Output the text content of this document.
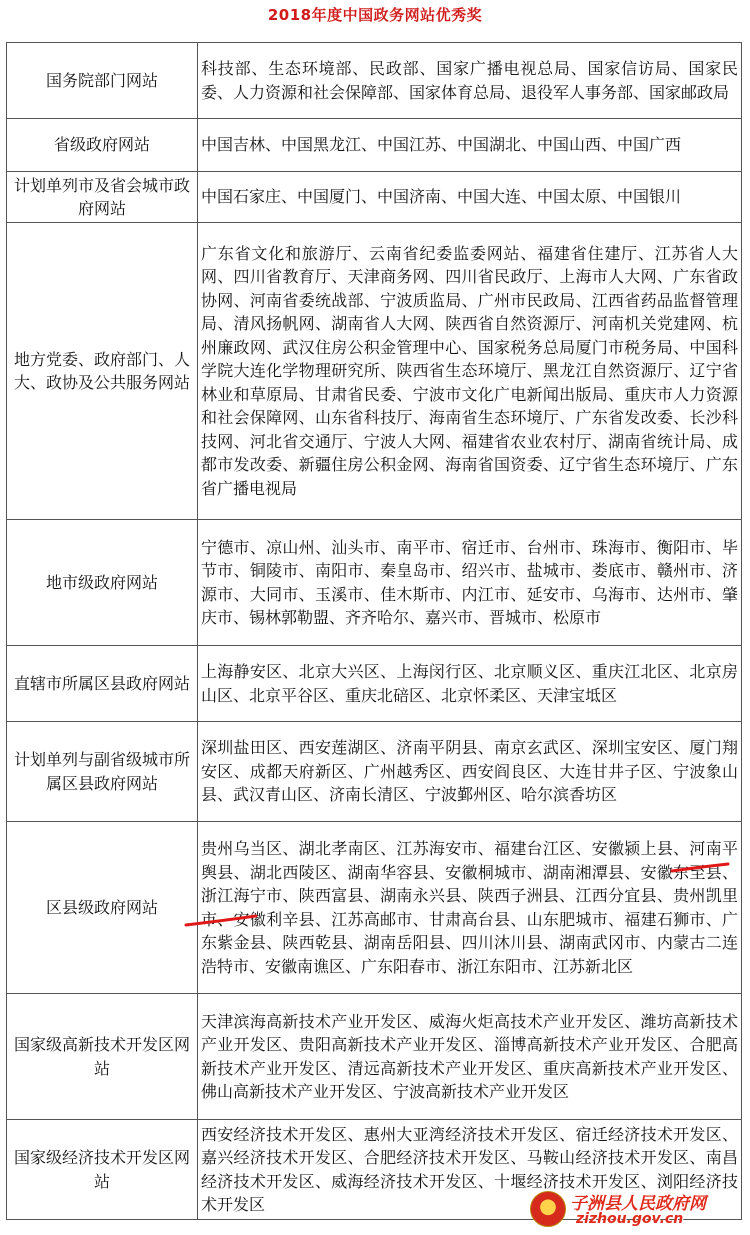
2018年度中国政务网站优秀奖
国务院部门网站	科技部、生态环境部、民政部、国家广播电视总局、国家信访局、国家民委、人力资源和社会保障部、国家体育总局、退役军人事务部、国家邮政局
省级政府网站	中国吉林、中国黑龙江、中国江苏、中国湖北、中国山西、中国广西
计划单列市及省会城市政府网站	中国石家庄、中国厦门、中国济南、中国大连、中国太原、中国银川
地方党委、政府部门、人大、政协及公共服务网站	广东省文化和旅游厅、云南省纪委监委网站、福建省住建厅、江苏省人大网、四川省教育厅、天津商务网、四川省民政厅、上海市人大网、广东省政协网、河南省委统战部、宁波质监局、广州市民政局、江西省药品监督管理局、清风扬帆网、湖南省人大网、陕西省自然资源厅、河南机关党建网、杭州廉政网、武汉住房公积金管理中心、国家税务总局厦门市税务局、中国科学院大连化学物理研究所、陕西省生态环境厅、黑龙江自然资源厅、辽宁省林业和草原局、甘肃省民委、宁波市文化广电新闻出版局、重庆市人力资源和社会保障网、山东省科技厅、海南省生态环境厅、广东省发改委、长沙科技网、河北省交通厅、宁波人大网、福建省农业农村厅、湖南省统计局、成都市发改委、新疆住房公积金网、海南省国资委、辽宁省生态环境厅、广东省广播电视局
地市级政府网站	宁德市、凉山州、汕头市、南平市、宿迁市、台州市、珠海市、衡阳市、毕节市、铜陵市、南阳市、秦皇岛市、绍兴市、盐城市、娄底市、赣州市、济源市、大同市、玉溪市、佳木斯市、内江市、延安市、乌海市、达州市、肇庆市、锡林郭勒盟、齐齐哈尔、嘉兴市、晋城市、松原市
直辖市所属区县政府网站	上海静安区、北京大兴区、上海闵行区、北京顺义区、重庆江北区、北京房山区、北京平谷区、重庆北碚区、北京怀柔区、天津宝坻区
计划单列与副省级城市所属区县政府网站	深圳盐田区、西安莲湖区、济南平阴县、南京玄武区、深圳宝安区、厦门翔安区、成都天府新区、广州越秀区、西安阎良区、大连甘井子区、宁波象山县、武汉青山区、济南长清区、宁波鄞州区、哈尔滨香坊区
区县级政府网站	贵州乌当区、湖北孝南区、江苏海安市、福建台江区、安徽颍上县、河南平舆县、湖北西陵区、湖南华容县、安徽桐城市、湖南湘潭县、安徽东至县、浙江海宁市、陕西富县、湖南永兴县、陕西子洲县、江西分宜县、贵州凯里市、安徽利辛县、江苏高邮市、甘肃高台县、山东肥城市、福建石狮市、广东紫金县、陕西乾县、湖南岳阳县、四川沐川县、湖南武冈市、内蒙古二连浩特市、安徽南谯区、广东阳春市、浙江东阳市、江苏新北区
国家级高新技术开发区网站	天津滨海高新技术产业开发区、威海火炬高技术产业开发区、潍坊高新技术产业开发区、贵阳高新技术产业开发区、淄博高新技术产业开发区、合肥高新技术产业开发区、清远高新技术产业开发区、重庆高新技术产业开发区、佛山高新技术产业开发区、宁波高新技术产业开发区
国家级经济技术开发区网站	西安经济技术开发区、惠州大亚湾经济技术开发区、宿迁经济技术开发区、嘉兴经济技术开发区、合肥经济技术开发区、马鞍山经济技术开发区、南昌经济技术开发区、威海经济技术开发区、十堰经济技术开发区、浏阳经济技术开发区	子洲县人民政府网
zizhou.gov.cn
